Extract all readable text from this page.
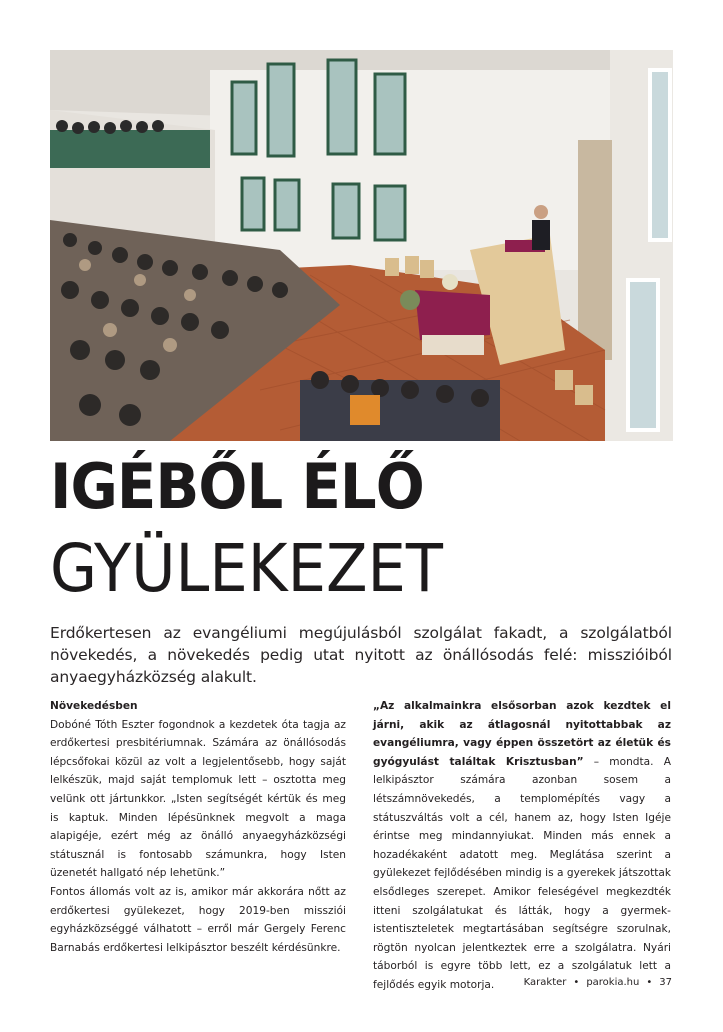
IGÉBŐL ÉLŐ
GYÜLEKEZET

Erdőkertesen az evangéliumi megújulásból szolgálat fakadt, a szolgálatból növekedés, a növekedés pedig utat nyitott az önállósodás felé: misszióiból anyaegyházközség alakult.

Növekedésben

Dobóné Tóth Eszter fogondnok a kezdetek óta tagja az erdőkertesi presbitériumnak. Számára az önállósodás lépcsőfokai közül az volt a legjelentősebb, hogy saját lelkészük, majd saját templomuk lett – osztotta meg velünk ott jártunkkor. „Isten segítségét kértük és meg is kaptuk. Minden lépésünknek megvolt a maga alapigéje, ezért még az önálló anyaegyházközségi státusznál is fontosabb számunkra, hogy Isten üzenetét hallgató nép lehetünk.”

Fontos állomás volt az is, amikor már akkorára nőtt az erdőkertesi gyülekezet, hogy 2019-ben missziói egyházközséggé válhatott – erről már Gergely Ferenc Barnabás erdőkertesi lelkipásztor beszélt kérdésünkre.

„Az alkalmainkra elsősorban azok kezdtek el járni, akik az átlagosnál nyitottabbak az evangéliumra, vagy éppen összetört az életük és gyógyulást találtak Krisztusban” – mondta. A lelkipásztor számára azonban sosem a létszámnövekedés, a templomépítés vagy a státuszváltás volt a cél, hanem az, hogy Isten Igéje érintse meg mindannyiukat. Minden más ennek a hozadékaként adatott meg. Meglátása szerint a gyülekezet fejlődésében mindig is a gyerekek játszottak elsődleges szerepet. Amikor feleségével megkezdték itteni szolgálatukat és látták, hogy a gyermek-istentiszteletek megtartásában segítségre szorulnak, rögtön nyolcan jelentkeztek erre a szolgálatra. Nyári táborból is egyre több lett, ez a szolgálatuk lett a fejlődés egyik motorja.	Karakter • parokia.hu • 37
